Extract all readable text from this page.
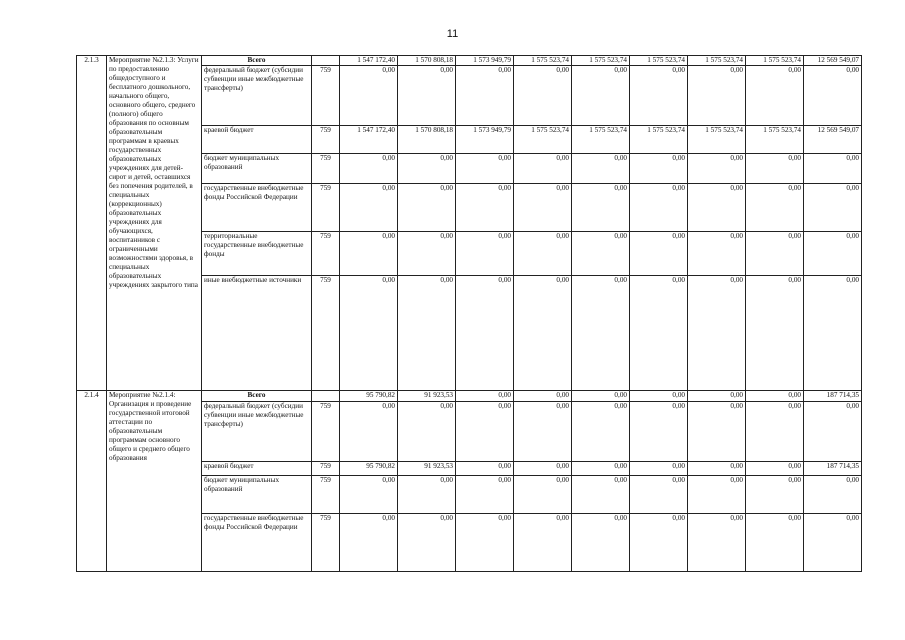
11
2.1.3	Мероприятие №2.1.3: Услуги по предоставлению общедоступного и бесплатного дошкольного, начального общего, основного общего, среднего (полного) общего образования по основным образовательным программам в краевых государственных образовательных учреждениях для детей-сирот и детей, оставшихся без попечения родителей, в специальных (коррекционных) образовательных учреждениях для обучающихся, воспитанников с ограниченными возможностями здоровья, в специальных образовательных учреждениях закрытого типа	Всего		1 547 172,40	1 570 808,18	1 573 949,79	1 575 523,74	1 575 523,74	1 575 523,74	1 575 523,74	1 575 523,74	12 569 549,07
		федеральный бюджет (субсидии субвенции иные межбюджетные трансферты)	759	0,00	0,00	0,00	0,00	0,00	0,00	0,00	0,00	0,00
		краевой бюджет	759	1 547 172,40	1 570 808,18	1 573 949,79	1 575 523,74	1 575 523,74	1 575 523,74	1 575 523,74	1 575 523,74	12 569 549,07
		бюджет муниципальных образований	759	0,00	0,00	0,00	0,00	0,00	0,00	0,00	0,00	0,00
		государственные внебюджетные фонды Российской Федерации	759	0,00	0,00	0,00	0,00	0,00	0,00	0,00	0,00	0,00
		территориальные государственные внебюджетные фонды	759	0,00	0,00	0,00	0,00	0,00	0,00	0,00	0,00	0,00
		иные внебюджетные источники	759	0,00	0,00	0,00	0,00	0,00	0,00	0,00	0,00	0,00
2.1.4	Мероприятие №2.1.4: Организация и проведение государственной итоговой аттестации по образовательным программам основного общего и среднего общего образования	Всего		95 790,82	91 923,53	0,00	0,00	0,00	0,00	0,00	0,00	187 714,35
		федеральный бюджет (субсидии субвенции иные межбюджетные трансферты)	759	0,00	0,00	0,00	0,00	0,00	0,00	0,00	0,00	0,00
		краевой бюджет	759	95 790,82	91 923,53	0,00	0,00	0,00	0,00	0,00	0,00	187 714,35
		бюджет муниципальных образований	759	0,00	0,00	0,00	0,00	0,00	0,00	0,00	0,00	0,00
		государственные внебюджетные фонды Российской Федерации	759	0,00	0,00	0,00	0,00	0,00	0,00	0,00	0,00	0,00
